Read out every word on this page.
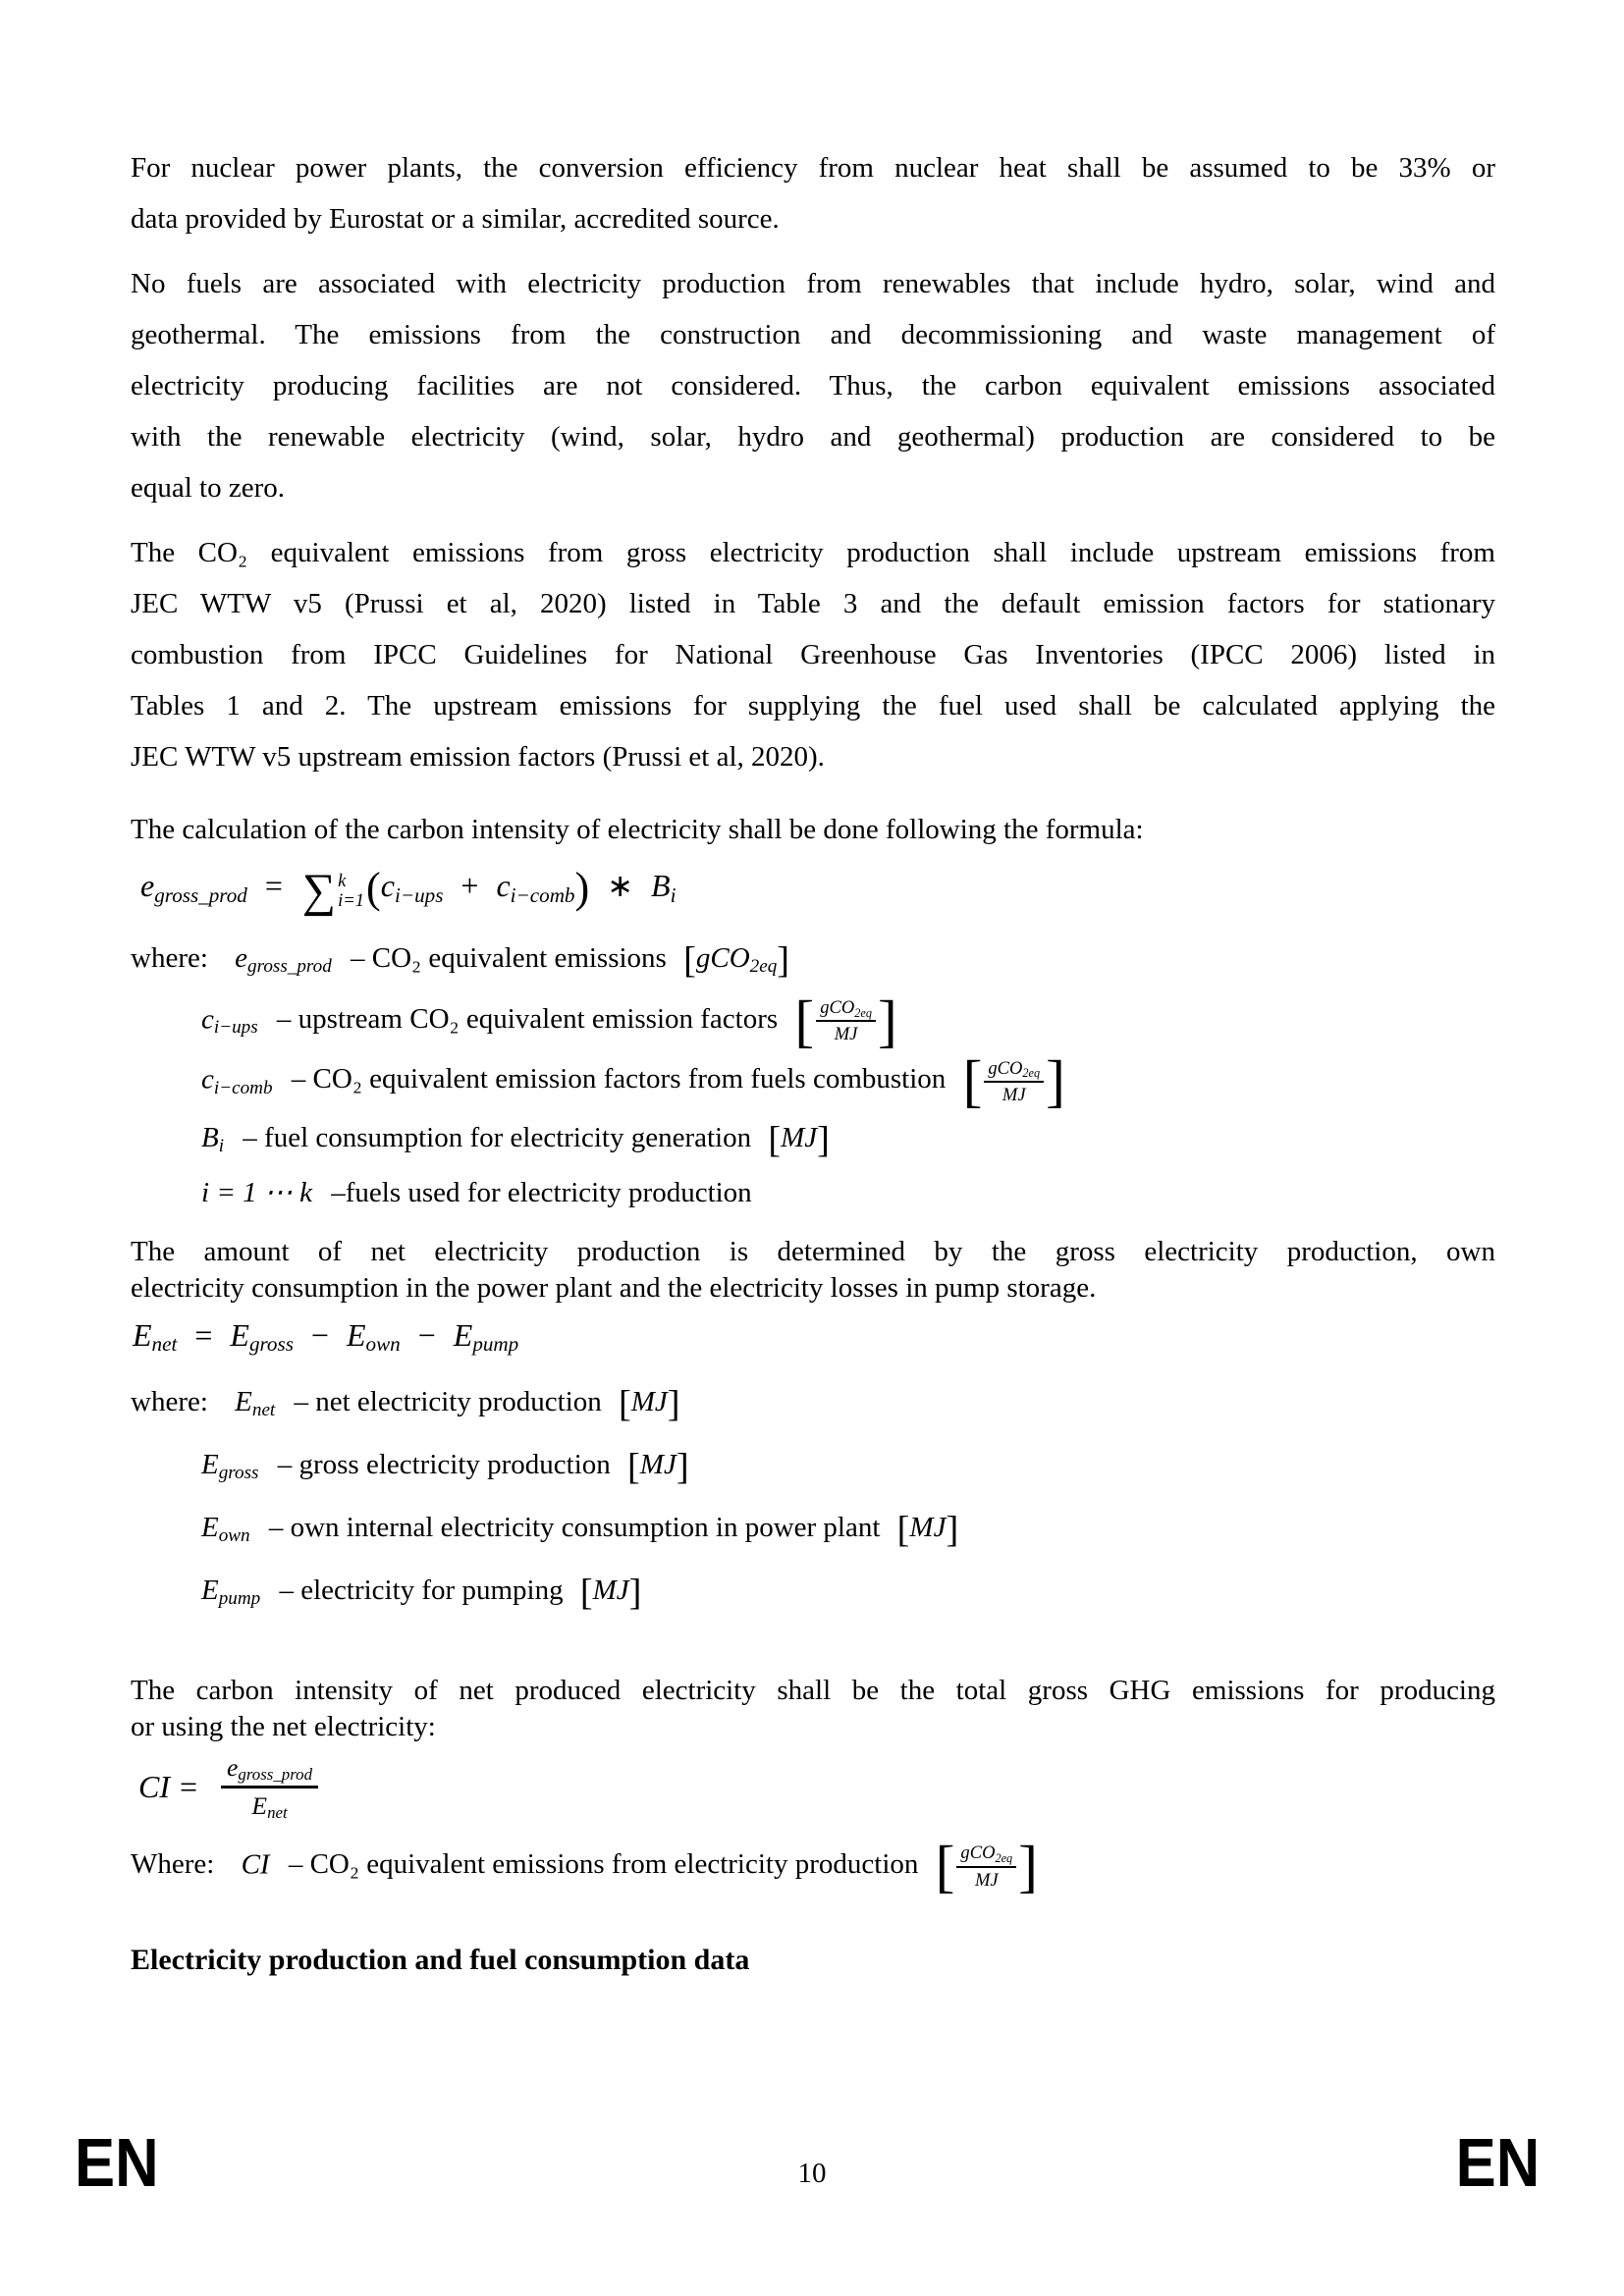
For nuclear power plants, the conversion efficiency from nuclear heat shall be assumed to be 33% or
data provided by Eurostat or a similar, accredited source.
No fuels are associated with electricity production from renewables that include hydro, solar, wind and
geothermal. The emissions from the construction and decommissioning and waste management of
electricity producing facilities are not considered. Thus, the carbon equivalent emissions associated
with the renewable electricity (wind, solar, hydro and geothermal) production are considered to be
equal to zero.
The CO₂ equivalent emissions from gross electricity production shall include upstream emissions from
JEC WTW v5 (Prussi et al, 2020) listed in Table 3 and the default emission factors for stationary
combustion from IPCC Guidelines for National Greenhouse Gas Inventories (IPCC 2006) listed in
Tables 1 and 2. The upstream emissions for supplying the fuel used shall be calculated applying the
JEC WTW v5 upstream emission factors (Prussi et al, 2020).
The calculation of the carbon intensity of electricity shall be done following the formula:
egross_prod = ∑ k
i=1 (ci−ups + ci−comb) ∗ Bi
where: egross_prod – CO₂ equivalent emissions [gCO2eq]
ci−ups – upstream CO₂ equivalent emission factors [ $\frac{\text{gCO2eq}}{MJ}$ ]
ci−comb – CO₂ equivalent emission factors from fuels combustion [ $\frac{\text{gCO2eq}}{MJ}$ ]
Bi – fuel consumption for electricity generation [MJ]
i = 1 ⋯ k –fuels used for electricity production
The amount of net electricity production is determined by the gross electricity production, own
electricity consumption in the power plant and the electricity losses in pump storage.
Enet = Egross − Eown − Epump
where: Enet – net electricity production [MJ]
Egross – gross electricity production [MJ]
Eown – own internal electricity consumption in power plant [MJ]
Epump – electricity for pumping [MJ]
The carbon intensity of net produced electricity shall be the total gross GHG emissions for producing
or using the net electricity:
CI =
egross_prod
Enet
Where: CI – CO₂ equivalent emissions from electricity production [ $\frac{\text{gCO2eq}}{MJ}$ ]
Electricity production and fuel consumption data
EN	10	EN
